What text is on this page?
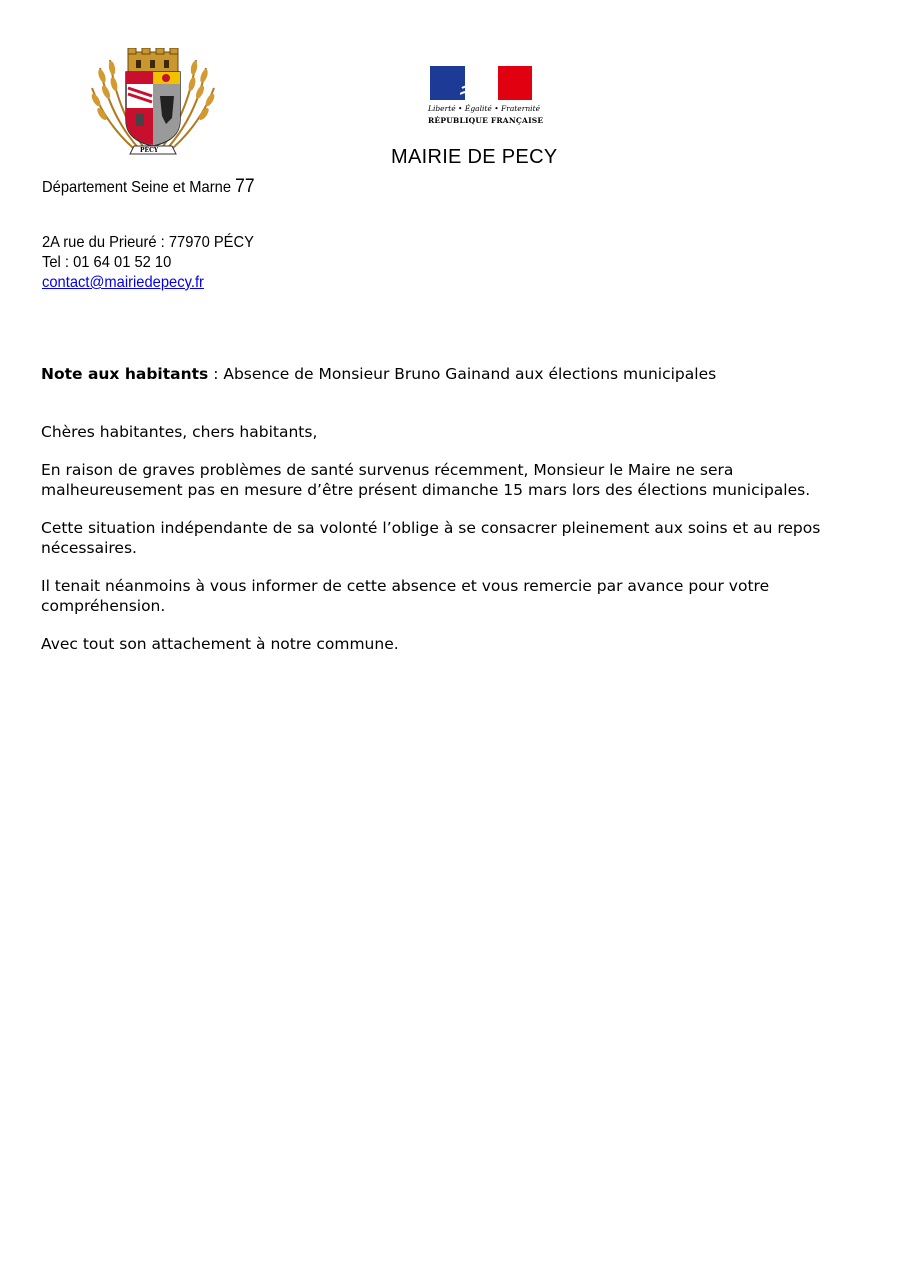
PÉCY
Liberté • Égalité • Fraternité
RÉPUBLIQUE FRANÇAISE
MAIRIE DE PECY
Département Seine et Marne 77
2A rue du Prieuré : 77970 PÉCY
Tel : 01 64 01 52 10
contact@mairiedepecy.fr

Note aux habitants : Absence de Monsieur Bruno Gainand aux élections municipales

Chères habitantes, chers habitants,

En raison de graves problèmes de santé survenus récemment, Monsieur le Maire ne sera malheureusement pas en mesure d’être présent dimanche 15 mars lors des élections municipales.

Cette situation indépendante de sa volonté l’oblige à se consacrer pleinement aux soins et au repos nécessaires.

Il tenait néanmoins à vous informer de cette absence et vous remercie par avance pour votre compréhension.

Avec tout son attachement à notre commune.
